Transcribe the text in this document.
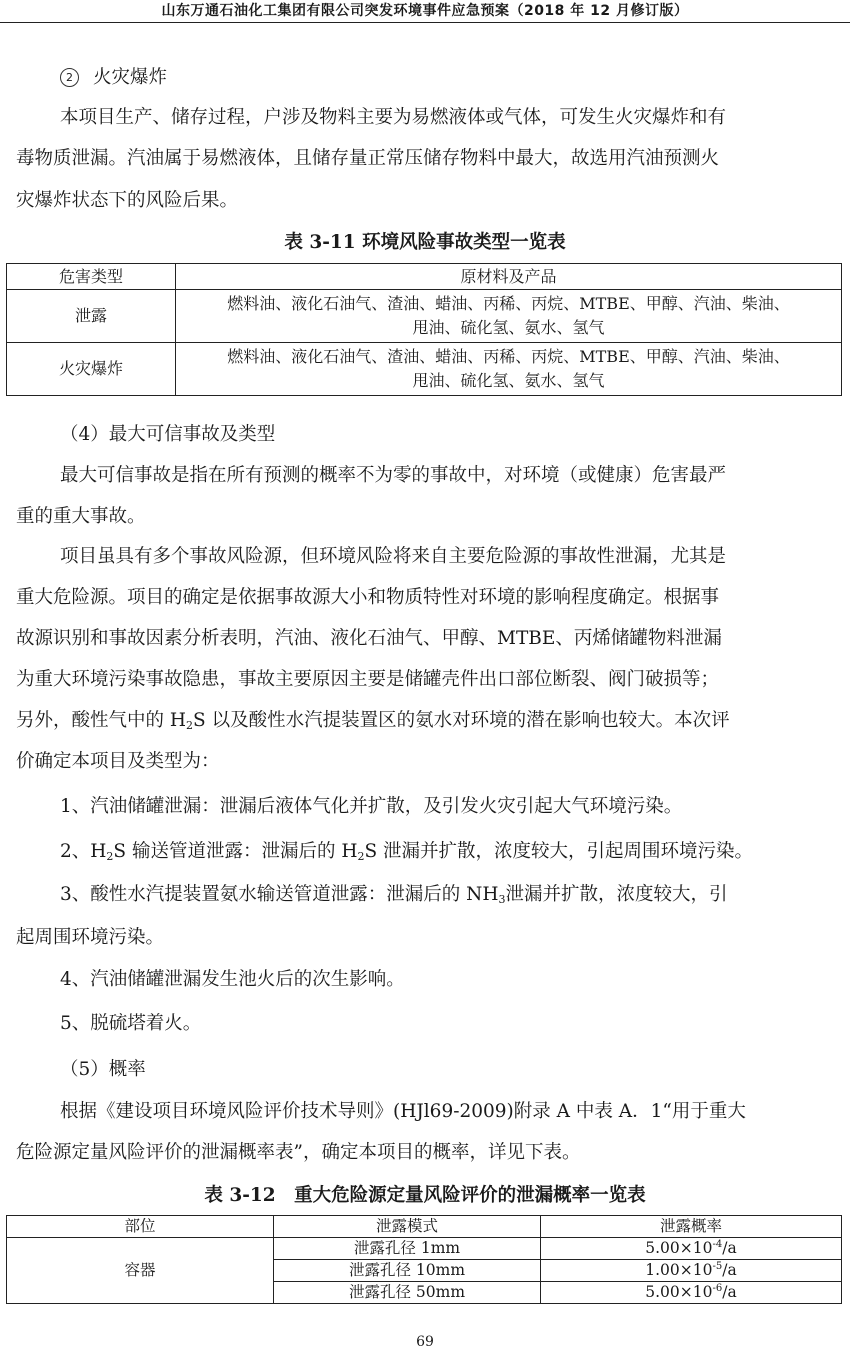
山东万通石油化工集团有限公司突发环境事件应急预案（2018 年 12 月修订版）
2 火灾爆炸
本项目生产、储存过程，户涉及物料主要为易燃液体或气体，可发生火灾爆炸和有
毒物质泄漏。汽油属于易燃液体，且储存量正常压储存物料中最大，故选用汽油预测火
灾爆炸状态下的风险后果。
表 3-11 环境风险事故类型一览表
危害类型	原材料及产品
泄露	燃料油、液化石油气、渣油、蜡油、丙稀、丙烷、MTBE、甲醇、汽油、柴油、
甩油、硫化氢、氨水、氢气

火灾爆炸	燃料油、液化石油气、渣油、蜡油、丙稀、丙烷、MTBE、甲醇、汽油、柴油、
甩油、硫化氢、氨水、氢气
（4）最大可信事故及类型
最大可信事故是指在所有预测的概率不为零的事故中，对环境（或健康）危害最严
重的重大事故。
项目虽具有多个事故风险源，但环境风险将来自主要危险源的事故性泄漏，尤其是
重大危险源。项目的确定是依据事故源大小和物质特性对环境的影响程度确定。根据事
故源识别和事故因素分析表明，汽油、液化石油气、甲醇、MTBE、丙烯储罐物料泄漏
为重大环境污染事故隐患，事故主要原因主要是储罐壳件出口部位断裂、阀门破损等；
另外，酸性气中的 $H_2S$ 以及酸性水汽提装置区的氨水对环境的潜在影响也较大。本次评
价确定本项目及类型为：
1、汽油储罐泄漏：泄漏后液体气化并扩散，及引发火灾引起大气环境污染。
2、$H_2S$ 输送管道泄露：泄漏后的 $H_2S$ 泄漏并扩散，浓度较大，引起周围环境污染。
3、酸性水汽提装置氨水输送管道泄露：泄漏后的 $NH_3$泄漏并扩散，浓度较大，引
起周围环境污染。
4、汽油储罐泄漏发生池火后的次生影响。
5、脱硫塔着火。
（5）概率
根据《建设项目环境风险评价技术导则》(HJl69-2009)附录 A 中表 A．1“用于重大
危险源定量风险评价的泄漏概率表”，确定本项目的概率，详见下表。
表 3-12　重大危险源定量风险评价的泄漏概率一览表
部位	泄露模式	泄露概率
容器	泄露孔径 1mm	$5.00\times 10^{-4}/a$
	泄露孔径 10mm	$1.00\times 10^{-5}/a$
	泄露孔径 50mm	$5.00\times 10^{-6}/a$
69
